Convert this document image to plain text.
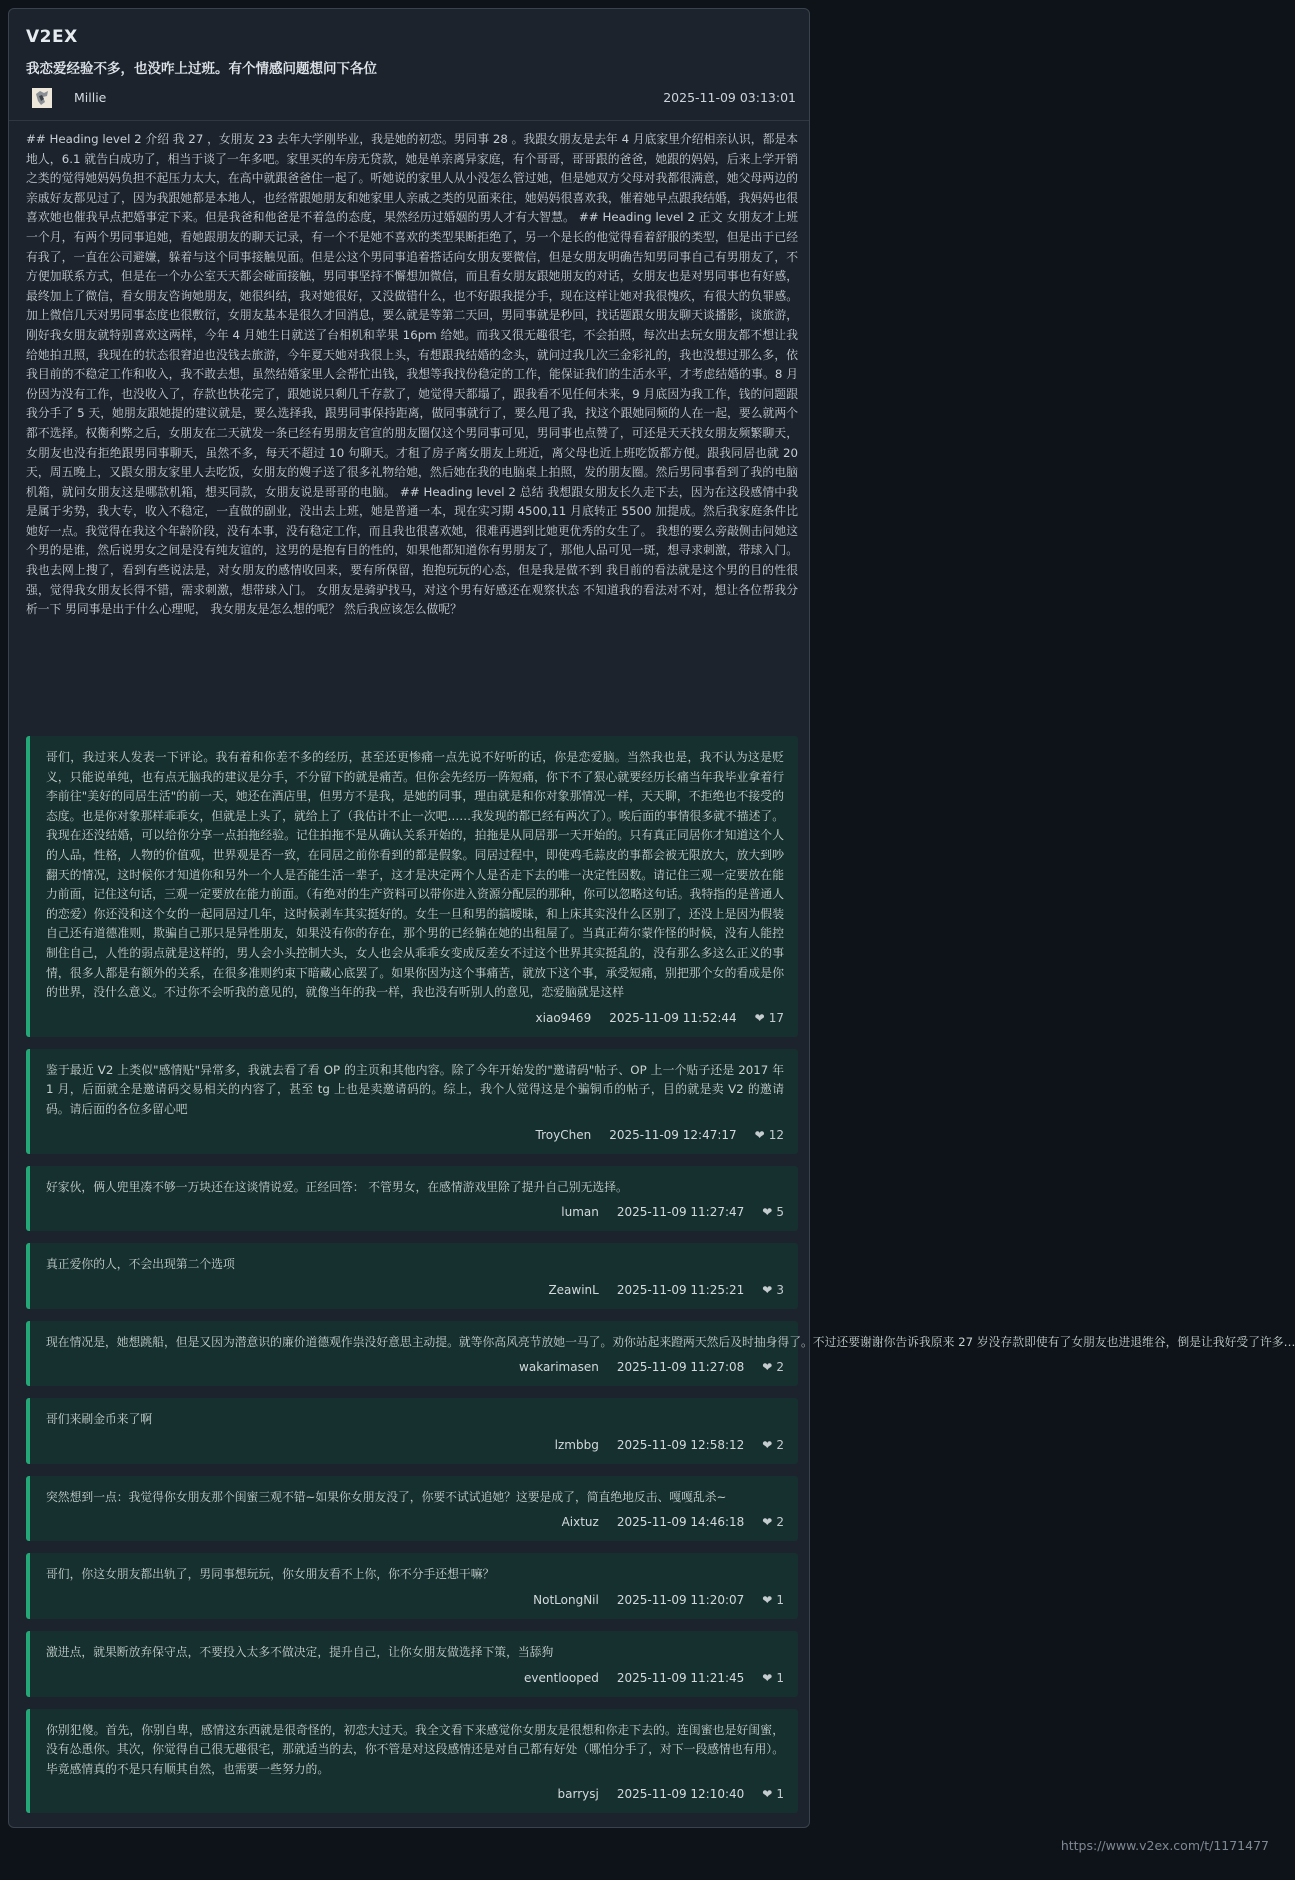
V2EX
我恋爱经验不多，也没咋上过班。有个情感问题想问下各位
Millie	2025-11-09 03:13:01
## Heading level 2 介绍 我 27 ，女朋友 23 去年大学刚毕业，我是她的初恋。男同事 28 。我跟女朋友是去年 4 月底家里介绍相亲认识，都是本地人，6.1 就告白成功了，相当于谈了一年多吧。家里买的车房无贷款，她是单亲离异家庭，有个哥哥，哥哥跟的爸爸，她跟的妈妈，后来上学开销之类的觉得她妈妈负担不起压力太大，在高中就跟爸爸住一起了。听她说的家里人从小没怎么管过她，但是她双方父母对我都很满意，她父母两边的亲戚好友都见过了，因为我跟她都是本地人，也经常跟她朋友和她家里人亲戚之类的见面来往，她妈妈很喜欢我，催着她早点跟我结婚，我妈妈也很喜欢她也催我早点把婚事定下来。但是我爸和他爸是不着急的态度，果然经历过婚姻的男人才有大智慧。 ## Heading level 2 正文 女朋友才上班一个月，有两个男同事追她，看她跟朋友的聊天记录，有一个不是她不喜欢的类型果断拒绝了，另一个是长的他觉得看着舒服的类型，但是出于已经有我了，一直在公司避嫌，躲着与这个同事接触见面。但是公这个男同事追着搭话向女朋友要微信，但是女朋友明确告知男同事自己有男朋友了，不方便加联系方式，但是在一个办公室天天都会碰面接触，男同事坚持不懈想加微信，而且看女朋友跟她朋友的对话，女朋友也是对男同事也有好感，最终加上了微信，看女朋友咨询她朋友，她很纠结，我对她很好，又没做错什么，也不好跟我提分手，现在这样让她对我很愧疚，有很大的负罪感。加上微信几天对男同事态度也很敷衍，女朋友基本是很久才回消息，要么就是等第二天回，男同事就是秒回，找话题跟女朋友聊天谈播影，谈旅游，刚好我女朋友就特别喜欢这两样，今年 4 月她生日就送了台相机和苹果 16pm 给她。而我又很无趣很宅，不会拍照，每次出去玩女朋友都不想让我给她拍丑照，我现在的状态很窘迫也没钱去旅游，今年夏天她对我很上头，有想跟我结婚的念头，就问过我几次三金彩礼的，我也没想过那么多，依我目前的不稳定工作和收入，我不敢去想，虽然结婚家里人会帮忙出钱，我想等我找份稳定的工作，能保证我们的生活水平，才考虑结婚的事。8 月份因为没有工作，也没收入了，存款也快花完了，跟她说只剩几千存款了，她觉得天都塌了，跟我看不见任何未来，9 月底因为我工作，钱的问题跟我分手了 5 天，她朋友跟她提的建议就是，要么选择我，跟男同事保持距离，做同事就行了，要么甩了我，找这个跟她同频的人在一起，要么就两个都不选择。权衡利弊之后，女朋友在二天就发一条已经有男朋友官宣的朋友圈仅这个男同事可见，男同事也点赞了，可还是天天找女朋友频繁聊天，女朋友也没有拒绝跟男同事聊天，虽然不多，每天不超过 10 句聊天。才租了房子离女朋友上班近，离父母也近上班吃饭都方便。跟我同居也就 20 天，周五晚上，又跟女朋友家里人去吃饭，女朋友的嫂子送了很多礼物给她，然后她在我的电脑桌上拍照，发的朋友圈。然后男同事看到了我的电脑机箱，就问女朋友这是哪款机箱，想买同款，女朋友说是哥哥的电脑。 ## Heading level 2 总结 我想跟女朋友长久走下去，因为在这段感情中我是属于劣势，我大专，收入不稳定，一直做的副业，没出去上班，她是普通一本，现在实习期 4500,11 月底转正 5500 加提成。然后我家庭条件比她好一点。我觉得在我这个年龄阶段，没有本事，没有稳定工作，而且我也很喜欢她，很难再遇到比她更优秀的女生了。 我想的要么旁敲侧击问她这个男的是谁，然后说男女之间是没有纯友谊的，这男的是抱有目的性的，如果他都知道你有男朋友了，那他人品可见一斑，想寻求刺激，带球入门。 我也去网上搜了，看到有些说法是，对女朋友的感情收回来，要有所保留，抱抱玩玩的心态，但是我是做不到 我目前的看法就是这个男的目的性很强，觉得我女朋友长得不错，需求刺激，想带球入门。 女朋友是骑驴找马，对这个男有好感还在观察状态 不知道我的看法对不对，想让各位帮我分析一下 男同事是出于什么心理呢， 我女朋友是怎么想的呢？ 然后我应该怎么做呢？
哥们，我过来人发表一下评论。我有着和你差不多的经历，甚至还更惨痛一点先说不好听的话，你是恋爱脑。当然我也是，我不认为这是贬义，只能说单纯，也有点无脑我的建议是分手，不分留下的就是痛苦。但你会先经历一阵短痛，你下不了狠心就要经历长痛当年我毕业拿着行李前往"美好的同居生活"的前一天，她还在酒店里，但男方不是我，是她的同事，理由就是和你对象那情况一样，天天聊，不拒绝也不接受的态度。也是你对象那样乖乖女，但就是上头了，就给上了（我估计不止一次吧……我发现的都已经有两次了）。唉后面的事情很多就不描述了。我现在还没结婚，可以给你分享一点拍拖经验。记住拍拖不是从确认关系开始的，拍拖是从同居那一天开始的。只有真正同居你才知道这个人的人品，性格，人物的价值观，世界观是否一致，在同居之前你看到的都是假象。同居过程中，即使鸡毛蒜皮的事都会被无限放大，放大到吵翻天的情况，这时候你才知道你和另外一个人是否能生活一辈子，这才是决定两个人是否走下去的唯一决定性因数。请记住三观一定要放在能力前面，记住这句话，三观一定要放在能力前面。（有绝对的生产资料可以带你进入资源分配层的那种，你可以忽略这句话。我特指的是普通人的恋爱）你还没和这个女的一起同居过几年，这时候剥车其实挺好的。女生一旦和男的搞暧昧，和上床其实没什么区别了，还没上是因为假装自己还有道德准则，欺骗自己那只是异性朋友，如果没有你的存在，那个男的已经躺在她的出租屋了。当真正荷尔蒙作怪的时候，没有人能控制住自己，人性的弱点就是这样的，男人会小头控制大头，女人也会从乖乖女变成反差女不过这个世界其实挺乱的，没有那么多这么正义的事情，很多人都是有额外的关系，在很多准则约束下暗藏心底罢了。如果你因为这个事痛苦，就放下这个事，承受短痛，别把那个女的看成是你的世界，没什么意义。不过你不会听我的意见的，就像当年的我一样，我也没有听别人的意见，恋爱脑就是这样
xiao9469 2025-11-09 11:52:44 ❤ 17
鉴于最近 V2 上类似"感情贴"异常多，我就去看了看 OP 的主页和其他内容。除了今年开始发的"邀请码"帖子、OP 上一个贴子还是 2017 年 1 月，后面就全是邀请码交易相关的内容了，甚至 tg 上也是卖邀请码的。综上，我个人觉得这是个骗铜币的帖子，目的就是卖 V2 的邀请码。请后面的各位多留心吧
TroyChen 2025-11-09 12:47:17 ❤ 12
好家伙，俩人兜里凑不够一万块还在这谈情说爱。正经回答： 不管男女，在感情游戏里除了提升自己别无选择。
luman 2025-11-09 11:27:47 ❤ 5
真正爱你的人，不会出现第二个选项
ZeawinL 2025-11-09 11:25:21 ❤ 3
现在情况是，她想跳船，但是又因为潜意识的廉价道德观作祟没好意思主动提。就等你高风亮节放她一马了。劝你站起来蹬两天然后及时抽身得了。不过还要谢谢你告诉我原来 27 岁没存款即使有了女朋友也进退维谷，倒是让我好受了许多…
wakarimasen 2025-11-09 11:27:08 ❤ 2
哥们来刷金币来了啊
lzmbbg 2025-11-09 12:58:12 ❤ 2
突然想到一点：我觉得你女朋友那个闺蜜三观不错~如果你女朋友没了，你要不试试追她？这要是成了，简直绝地反击、嘎嘎乱杀~
Aixtuz 2025-11-09 14:46:18 ❤ 2
哥们，你这女朋友都出轨了，男同事想玩玩，你女朋友看不上你，你不分手还想干嘛？
NotLongNil 2025-11-09 11:20:07 ❤ 1
激进点，就果断放弃保守点，不要投入太多不做决定，提升自己，让你女朋友做选择下策，当舔狗
eventlooped 2025-11-09 11:21:45 ❤ 1
你别犯傻。首先，你别自卑，感情这东西就是很奇怪的，初恋大过天。我全文看下来感觉你女朋友是很想和你走下去的。连闺蜜也是好闺蜜，没有怂恿你。其次，你觉得自己很无趣很宅，那就适当的去，你不管是对这段感情还是对自己都有好处（哪怕分手了，对下一段感情也有用）。毕竟感情真的不是只有顺其自然，也需要一些努力的。
barrysj 2025-11-09 12:10:40 ❤ 1
https://www.v2ex.com/t/1171477
